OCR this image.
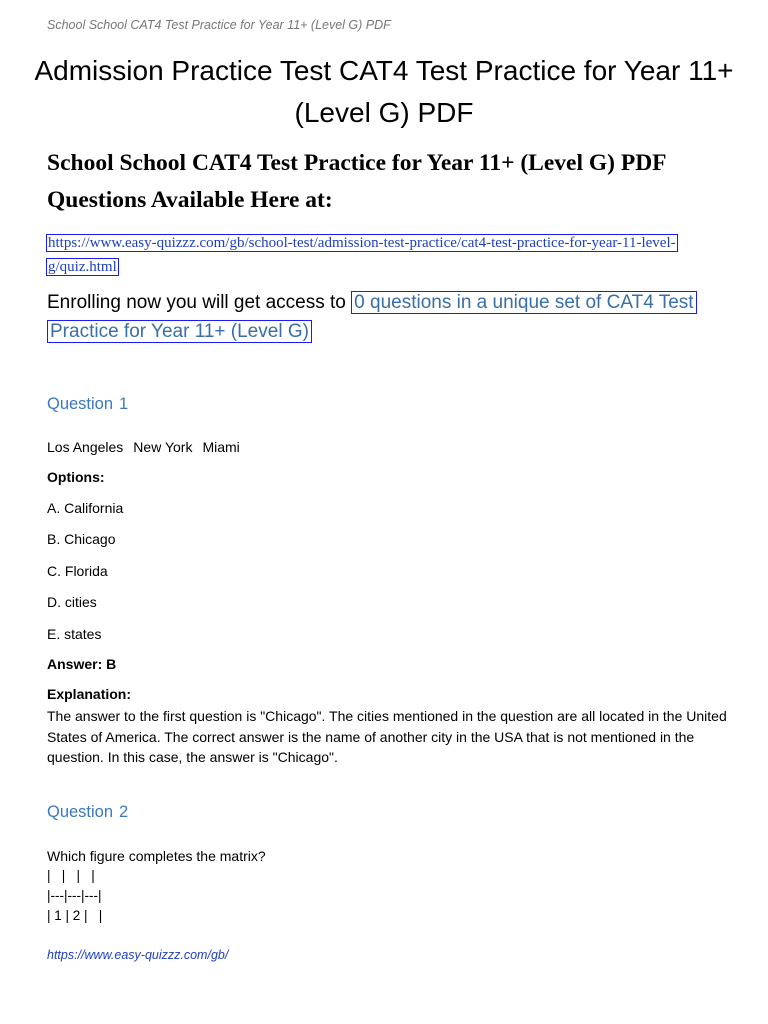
School School CAT4 Test Practice for Year 11+ (Level G) PDF
Admission Practice Test CAT4 Test Practice for Year 11+ (Level G) PDF
School School CAT4 Test Practice for Year 11+ (Level G) PDF Questions Available Here at:
https://www.easy-quizzz.com/gb/school-test/admission-test-practice/cat4-test-practice-for-year-11-level-g/quiz.html
Enrolling now you will get access to 0 questions in a unique set of CAT4 Test Practice for Year 11+ (Level G)
Question 1
Los Angeles New York Miami
Options:
A. California
B. Chicago
C. Florida
D. cities
E. states
Answer: B
Explanation:
The answer to the first question is "Chicago". The cities mentioned in the question are all located in the United States of America. The correct answer is the name of another city in the USA that is not mentioned in the question. In this case, the answer is "Chicago".
Question 2
Which figure completes the matrix?
|   |   |   |
|---|---|---|
| 1 | 2 |   |
https://www.easy-quizzz.com/gb/
